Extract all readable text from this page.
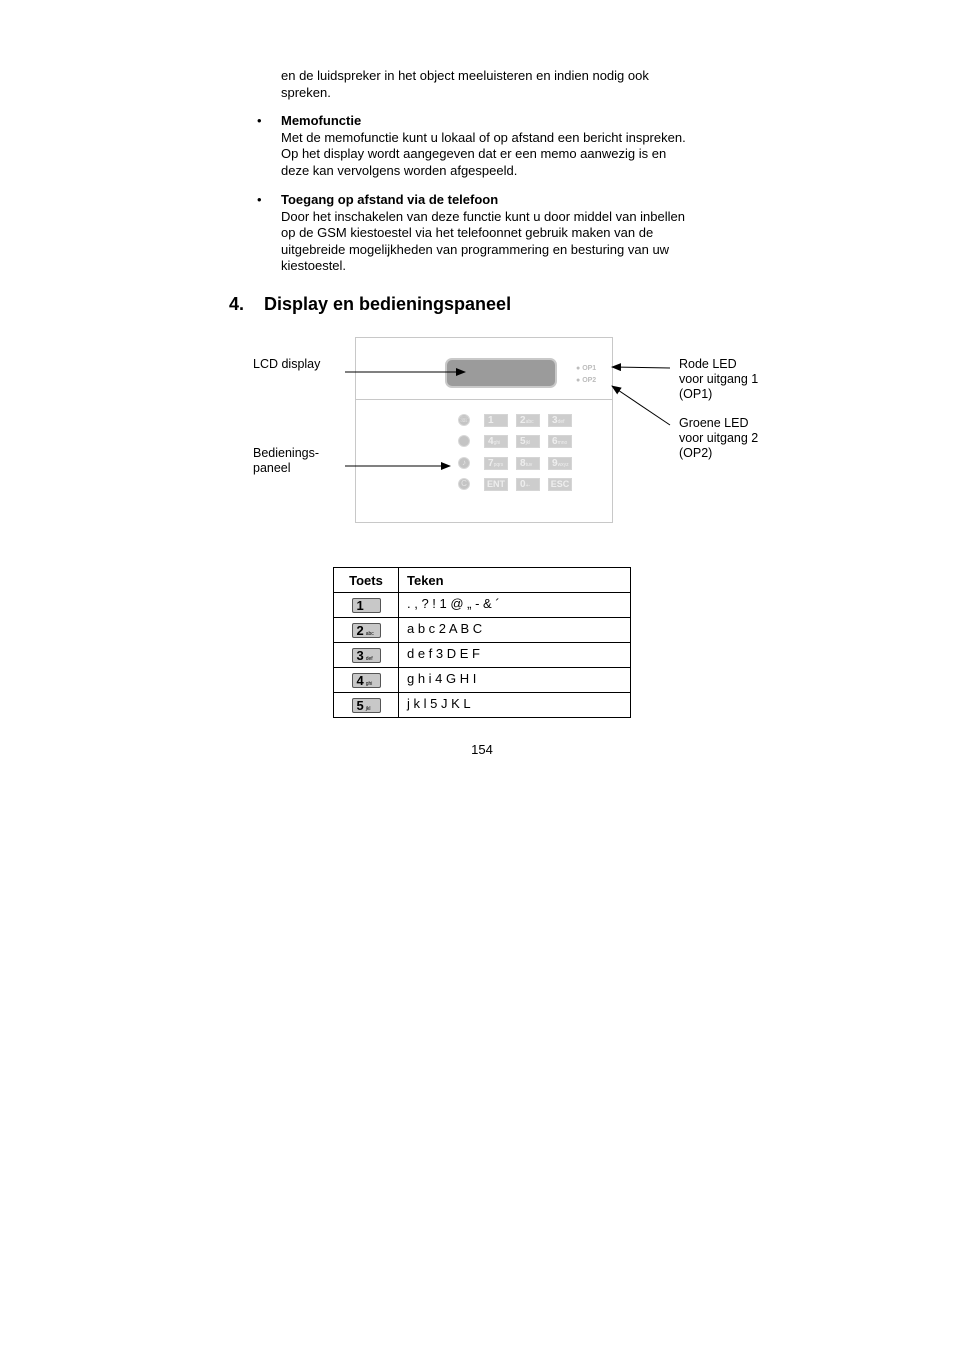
en de luidspreker in het object meeluisteren en indien nodig ook
spreken.
• Memofunctie
Met de memofunctie kunt u lokaal of op afstand een bericht inspreken.
Op het display wordt aangegeven dat er een memo aanwezig is en
deze kan vervolgens worden afgespeeld.
• Toegang op afstand via de telefoon
Door het inschakelen van deze functie kunt u door middel van inbellen
op de GSM kiestoestel via het telefoonnet gebruik maken van de
uitgebreide mogelijkheden van programmering en besturing van uw
kiestoestel.
4. Display en bedieningspaneel
● OP1
● OP2
☏
♪
C
1	2abc	3def
4ghi	5jkl	6mno
7pqrs	8tuv	9wxyz
ENT	0+-	ESC
LCD display
Bedienings-
paneel
Rode LED
voor uitgang 1
(OP1)
Groene LED
voor uitgang 2
(OP2)
Toets	Teken
1	. , ? ! 1 @ „ - & ´
2 abc	a b c 2 A B C
3 def	d e f 3 D E F
4 ghi	g h i 4 G H I
5 jkl	j k l 5 J K L
154
